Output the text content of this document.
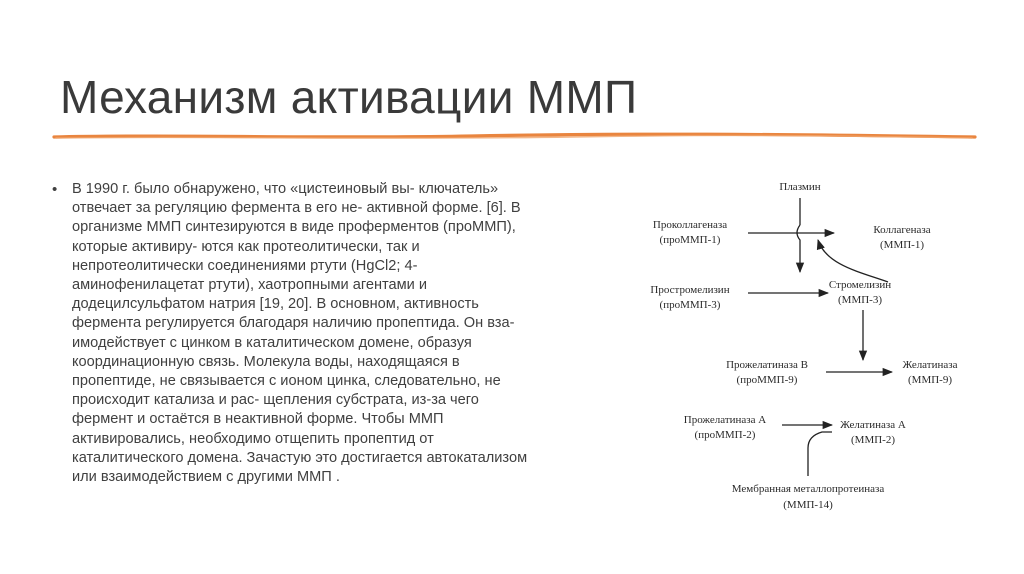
Механизм активации ММП
• В 1990 г. было обнаружено, что «цистеиновый вы- ключатель»
отвечает за регуляцию фермента в его не- активной форме. [6]. В
организме ММП синтезируются в виде проферментов (проММП),
которые активиру- ются как протеолитически, так и
непротеолитически соединениями ртути (HgCl2; 4-
аминофенилацетат ртути), хаотропными агентами и
додецилсульфатом натрия [19, 20]. В основном, активность
фермента регулируется благодаря наличию пропептида. Он вза-
имодействует с цинком в каталитическом домене, образуя
координационную связь. Молекула воды, находящаяся в
пропептиде, не связывается с ионом цинка, следовательно, не
происходит катализа и рас- щепления субстрата, из-за чего
фермент и остаётся в неактивной форме. Чтобы ММП
активировались, необходимо отщепить пропептид от
каталитического домена. Зачастую это достигается автокатализом
или взаимодействием с другими ММП .
Плазмин
Проколлагеназа
(проММП-1)
Коллагеназа
(ММП-1)
Простромелизин
(проММП-3)
Стромелизин
(ММП-3)
Прожелатиназа В
(проММП-9)
Желатиназа
(ММП-9)
Прожелатиназа А
(проММП-2)
Желатиназа А
(ММП-2)
Мембранная металлопротеиназа
(ММП-14)
